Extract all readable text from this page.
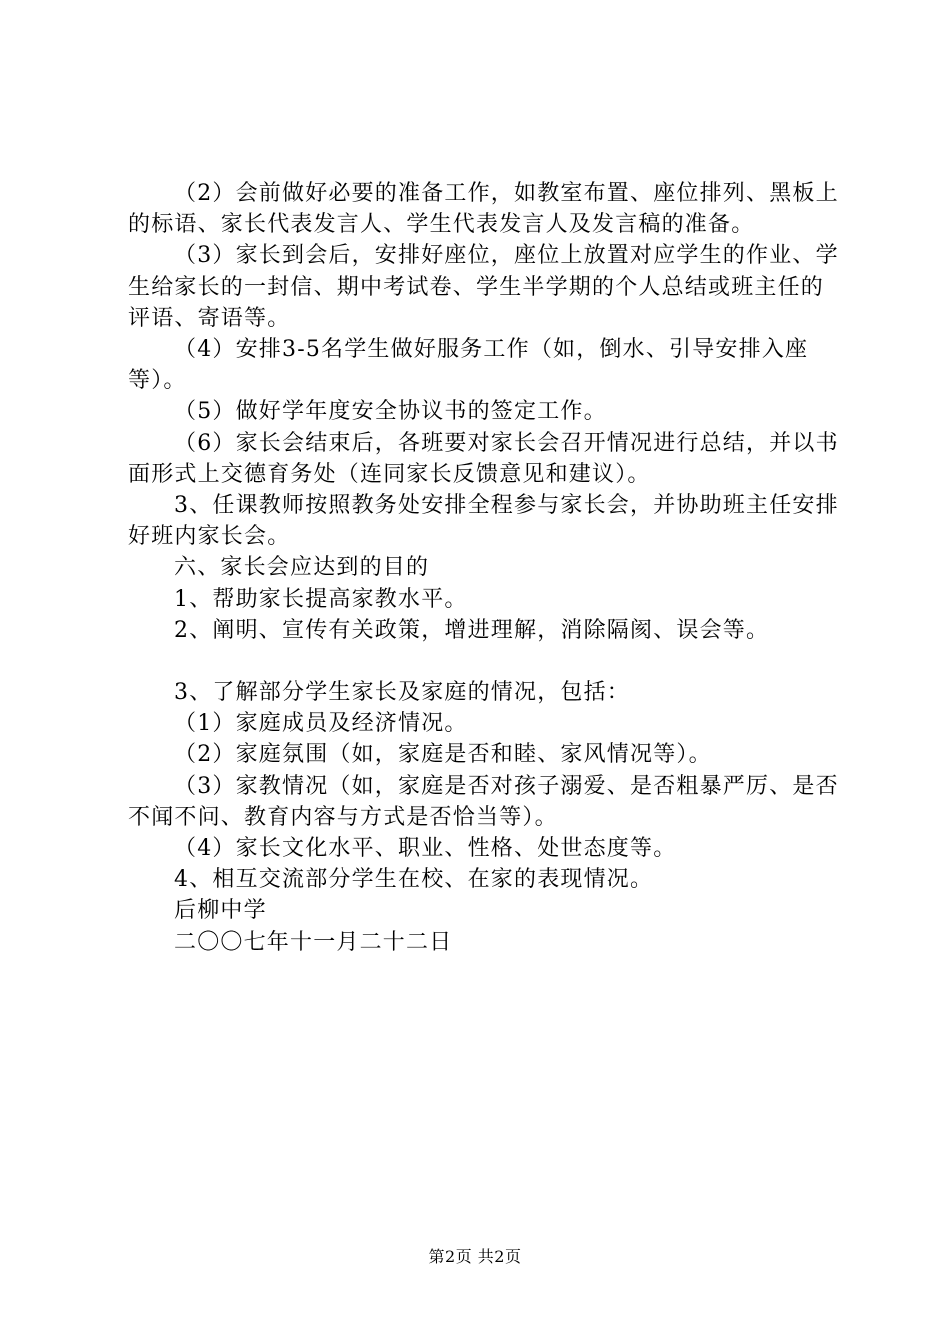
（2）会前做好必要的准备工作，如教室布置、座位排列、黑板上的标语、家长代表发言人、学生代表发言人及发言稿的准备。

（3）家长到会后，安排好座位，座位上放置对应学生的作业、学生给家长的一封信、期中考试卷、学生半学期的个人总结或班主任的评语、寄语等。

（4）安排3-5名学生做好服务工作（如，倒水、引导安排入座等）。

（5）做好学年度安全协议书的签定工作。

（6）家长会结束后，各班要对家长会召开情况进行总结，并以书面形式上交德育务处（连同家长反馈意见和建议）。

3、任课教师按照教务处安排全程参与家长会，并协助班主任安排好班内家长会。

六、家长会应达到的目的

1、帮助家长提高家教水平。

2、阐明、宣传有关政策，增进理解，消除隔阂、误会等。

3、了解部分学生家长及家庭的情况，包括：

（1）家庭成员及经济情况。

（2）家庭氛围（如，家庭是否和睦、家风情况等）。

（3）家教情况（如，家庭是否对孩子溺爱、是否粗暴严厉、是否不闻不问、教育内容与方式是否恰当等）。

（4）家长文化水平、职业、性格、处世态度等。

4、相互交流部分学生在校、在家的表现情况。

后柳中学

二〇〇七年十一月二十二日

第2页 共2页
